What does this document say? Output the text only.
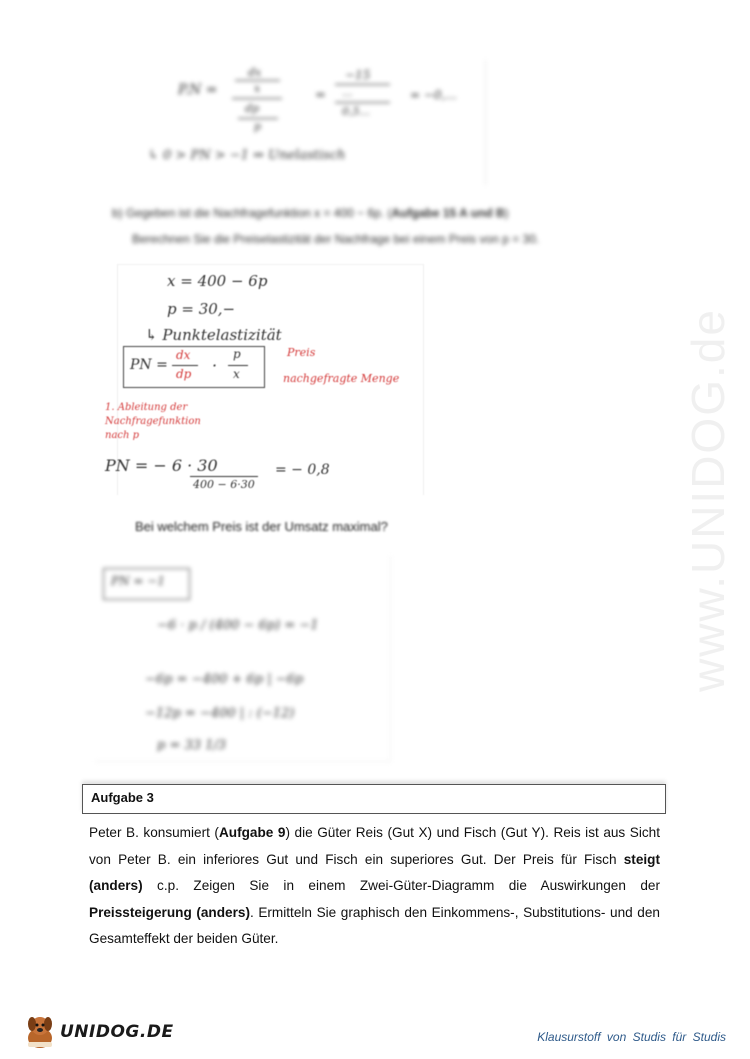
www.UNIDOG.de
P.N =
dx
x
dp
p
=
−15
...
0,5...
= −0,...
↳ 0 > PN > −1 ⇒ Unelastisch
b) Gegeben ist die Nachfragefunktion x = 400 − 6p. (Aufgabe 15 A und B)
Berechnen Sie die Preiselastizität der Nachfrage bei einem Preis von p = 30.
x = 400 − 6p
p = 30,−
↳ Punktelastizität
PN =
dx
dp ·
p
x
Preis
nachgefragte Menge
1. Ableitung der
Nachfragefunktion
nach p
PN = − 6 · 30
400 − 6·30
= − 0,8
Bei welchem Preis ist der Umsatz maximal?
PN = −1
−6 · p / (400 − 6p) = −1
−6p = −400 + 6p | −6p
−12p = −400 | : (−12)
p = 33 1/3
Aufgabe 3
Peter B. konsumiert (Aufgabe 9) die Güter Reis (Gut X) und Fisch (Gut Y). Reis ist aus Sicht von Peter B. ein inferiores Gut und Fisch ein superiores Gut. Der Preis für Fisch steigt (anders) c.p. Zeigen Sie in einem Zwei-Güter-Diagramm die Auswirkungen der Preissteigerung (anders). Ermitteln Sie graphisch den Einkommens-, Substitutions- und den Gesamteffekt der beiden Güter.
UNIDOG.DE	Klausurstoff von Studis für Studis
